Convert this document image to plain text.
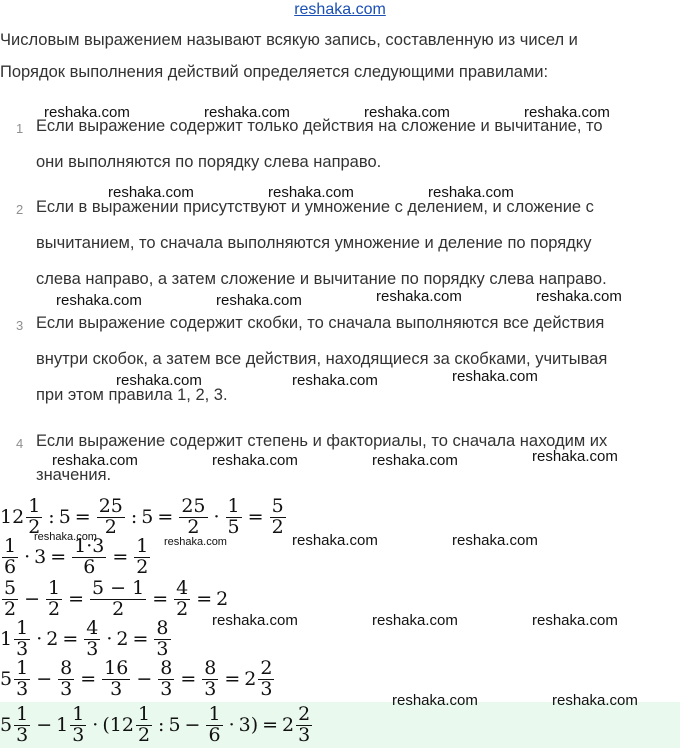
reshaka.com
Числовым выражением называют всякую запись, составленную из чисел и
Порядок выполнения действий определяется следующими правилами:
1 Если выражение содержит только действия на сложение и вычитание, то
они выполняются по порядку слева направо.
2 Если в выражении присутствуют и умножение с делением, и сложение с
вычитанием, то сначала выполняются умножение и деление по порядку
слева направо, а затем сложение и вычитание по порядку слева направо.
3 Если выражение содержит скобки, то сначала выполняются все действия
внутри скобок, а затем все действия, находящиеся за скобками, учитывая
при этом правила 1, 2, 3.
4 Если выражение содержит степень и факториалы, то сначала находим их
значения.
$12 \frac{1}{2}$ : $5 = \frac{25}{2}$ : $5 = \frac{25}{2} \cdot \frac{1}{5} = \frac{5}{2}$
$\frac{1}{6} \cdot 3 = \frac{1\cdot 3}{6} = \frac{1}{2}$
$\frac{5}{2} - \frac{1}{2} = \frac{5 - 1}{2} = \frac{4}{2} = 2$
$1 \frac{1}{3} \cdot 2 = \frac{4}{3} \cdot 2 = \frac{8}{3}$
$5 \frac{1}{3} - \frac{8}{3} = \frac{16}{3} - \frac{8}{3} = \frac{8}{3} = 2 \frac{2}{3}$
$5 \frac{1}{3} - 1 \frac{1}{3}$ · ( $12 \frac{1}{2}$ : $5 - \frac{1}{6} \cdot 3$ ) = $2 \frac{2}{3}$
reshaka.com	reshaka.com	reshaka.com	reshaka.com
reshaka.com	reshaka.com	reshaka.com
reshaka.com	reshaka.com	reshaka.com	reshaka.com
reshaka.com	reshaka.com	reshaka.com
reshaka.com	reshaka.com	reshaka.com	reshaka.com
reshaka.com	reshaka.com	reshaka.com	reshaka.com
reshaka.com	reshaka.com	reshaka.com
reshaka.com	reshaka.com
